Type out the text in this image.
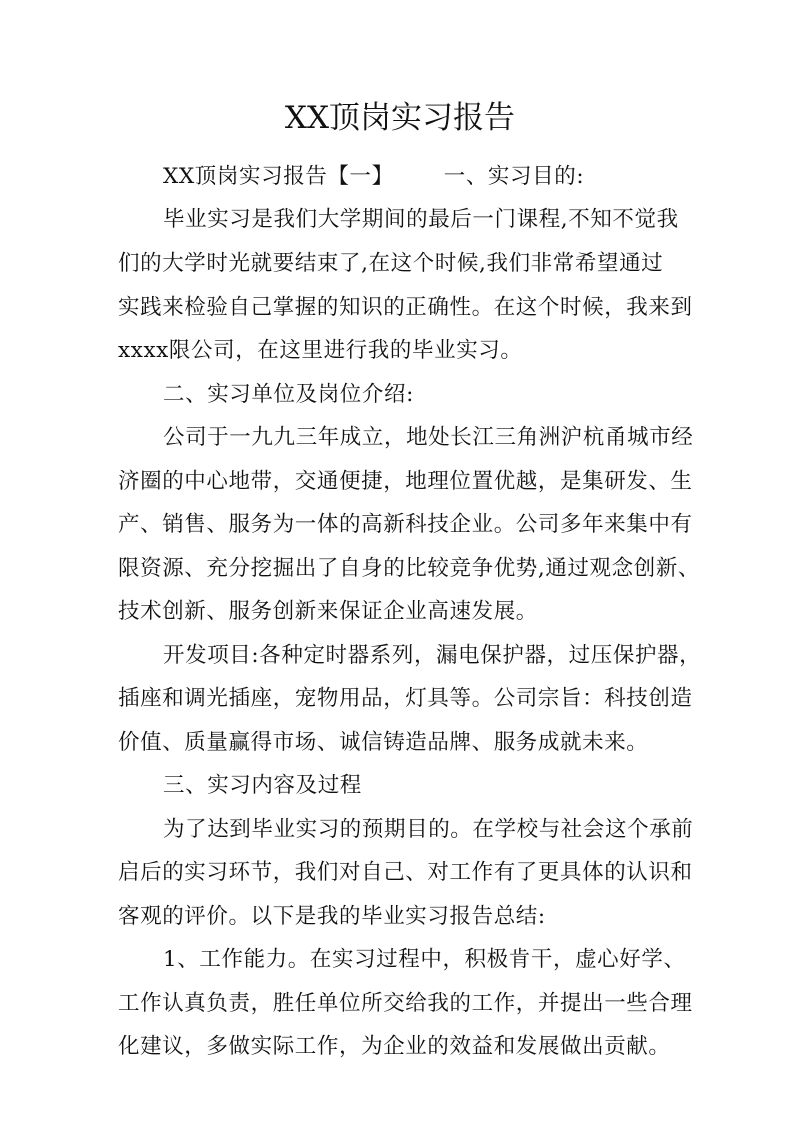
XX顶岗实习报告
XX顶岗实习报告【一】 一、实习目的:
毕业实习是我们大学期间的最后一门课程,不知不觉我
们的大学时光就要结束了,在这个时候,我们非常希望通过
实践来检验自己掌握的知识的正确性。在这个时候，我来到
xxxx限公司，在这里进行我的毕业实习。
二、实习单位及岗位介绍:
公司于一九九三年成立，地处长江三角洲沪杭甬城市经
济圈的中心地带，交通便捷，地理位置优越，是集研发、生
产、销售、服务为一体的高新科技企业。公司多年来集中有
限资源、充分挖掘出了自身的比较竞争优势,通过观念创新、
技术创新、服务创新来保证企业高速发展。
开发项目:各种定时器系列，漏电保护器，过压保护器，
插座和调光插座，宠物用品，灯具等。公司宗旨：科技创造
价值、质量赢得市场、诚信铸造品牌、服务成就未来。
三、实习内容及过程
为了达到毕业实习的预期目的。在学校与社会这个承前
启后的实习环节，我们对自己、对工作有了更具体的认识和
客观的评价。以下是我的毕业实习报告总结:
1、工作能力。在实习过程中，积极肯干，虚心好学、
工作认真负责，胜任单位所交给我的工作，并提出一些合理
化建议，多做实际工作，为企业的效益和发展做出贡献。
